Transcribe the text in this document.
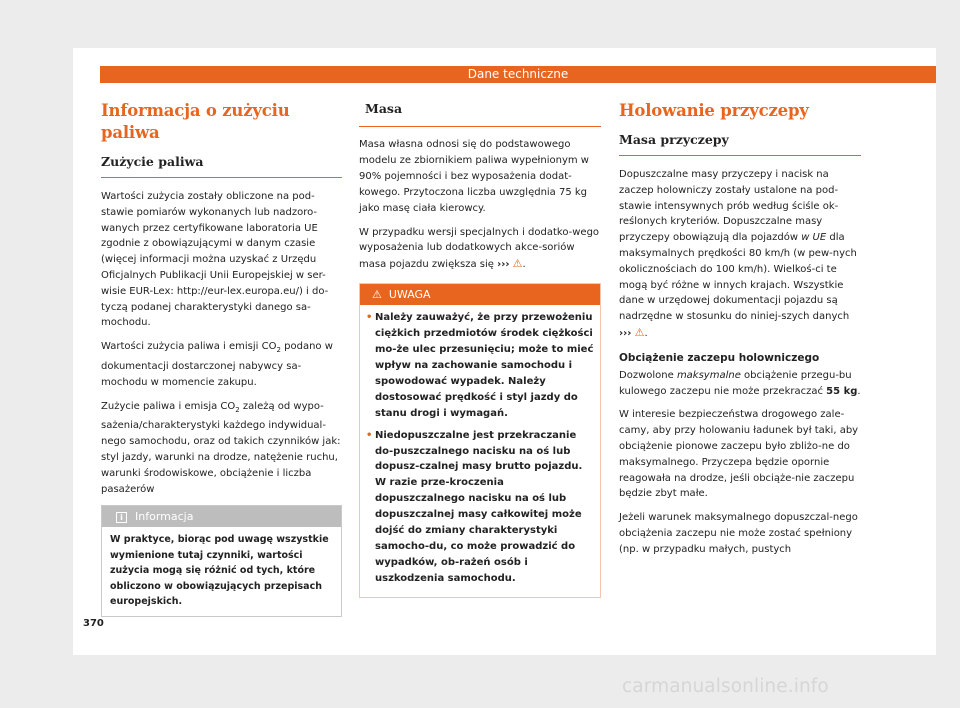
Dane techniczne
Informacja o zużyciu paliwa
Zużycie paliwa

Wartości zużycia zostały obliczone na pod-stawie pomiarów wykonanych lub nadzoro-wanych przez certyfikowane laboratoria UE zgodnie z obowiązującymi w danym czasie (więcej informacji można uzyskać z Urzędu Oficjalnych Publikacji Unii Europejskiej w ser-wisie EUR-Lex: http://eur-lex.europa.eu/) i do-tyczą podanej charakterystyki danego sa-mochodu.

Wartości zużycia paliwa i emisji $CO_2$ podano w dokumentacji dostarczonej nabywcy sa-mochodu w momencie zakupu.

Zużycie paliwa i emisja $CO_2$ zależą od wypo-sażenia/charakterystyki każdego indywidual-nego samochodu, oraz od takich czynników jak: styl jazdy, warunki na drodze, natężenie ruchu, warunki środowiskowe, obciążenie i liczba pasażerów

i Informacja
W praktyce, biorąc pod uwagę wszystkie wymienione tutaj czynniki, wartości zużycia mogą się różnić od tych, które obliczono w obowiązujących przepisach europejskich.
Masa

Masa własna odnosi się do podstawowego modelu ze zbiornikiem paliwa wypełnionym w 90% pojemności i bez wyposażenia dodat-kowego. Przytoczona liczba uwzględnia 75 kg jako masę ciała kierowcy.

W przypadku wersji specjalnych i dodatko-wego wyposażenia lub dodatkowych akce-soriów masa pojazdu zwiększa się ››› ⚠.

⚠ UWAGA

• Należy zauważyć, że przy przewożeniu ciężkich przedmiotów środek ciężkości mo-że ulec przesunięciu; może to mieć wpływ na zachowanie samochodu i spowodować wypadek. Należy dostosować prędkość i styl jazdy do stanu drogi i wymagań.

• Niedopuszczalne jest przekraczanie do-puszczalnego nacisku na oś lub dopusz-czalnej masy brutto pojazdu. W razie prze-kroczenia dopuszczalnego nacisku na oś lub dopuszczalnej masy całkowitej może dojść do zmiany charakterystyki samocho-du, co może prowadzić do wypadków, ob-rażeń osób i uszkodzenia samochodu.

Holowanie przyczepy
Masa przyczepy

Dopuszczalne masy przyczepy i nacisk na zaczep holowniczy zostały ustalone na pod-stawie intensywnych prób według ściśle ok-reślonych kryteriów. Dopuszczalne masy przyczepy obowiązują dla pojazdów w UE dla maksymalnych prędkości 80 km/h (w pew-nych okolicznościach do 100 km/h). Wielkoś-ci te mogą być różne w innych krajach. Wszystkie dane w urzędowej dokumentacji pojazdu są nadrzędne w stosunku do niniej-szych danych ››› ⚠.

Obciążenie zaczepu holowniczego

Dozwolone maksymalne obciążenie przegu-bu kulowego zaczepu nie może przekraczać 55 kg.

W interesie bezpieczeństwa drogowego zale-camy, aby przy holowaniu ładunek był taki, aby obciążenie pionowe zaczepu było zbliżo-ne do maksymalnego. Przyczepa będzie opornie reagowała na drodze, jeśli obciąże-nie zaczepu będzie zbyt małe.

Jeżeli warunek maksymalnego dopuszczal-nego obciążenia zaczepu nie może zostać spełniony (np. w przypadku małych, pustych

370
carmanualsonline.info
